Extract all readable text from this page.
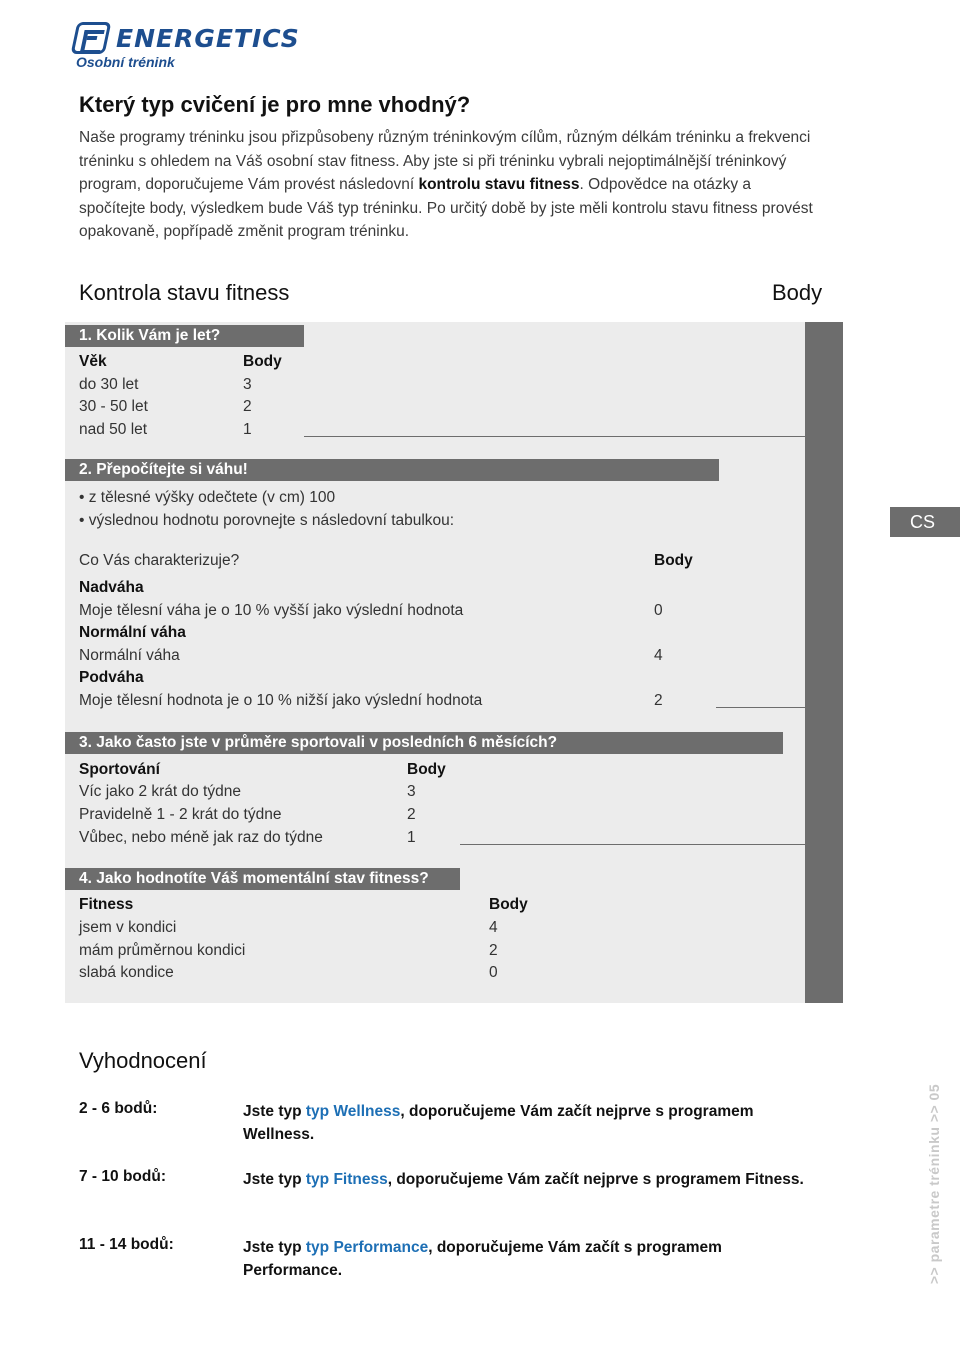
ENERGETICS
Osobní trénink
Který typ cvičení je pro mne vhodný?

Naše programy tréninku jsou přizpůsobeny různým tréninkovým cílům, různým délkám tréninku a frekvenci tréninku s ohledem na Váš osobní stav fitness. Aby jste si při tréninku vybrali nejoptimálnější tréninkový program, doporučujeme Vám provést následovní kontrolu stavu fitness. Odpovědce na otázky a spočítejte body, výsledkem bude Váš typ tréninku. Po určitý době by jste měli kontrolu stavu fitness provést opakovaně, popřípadě změnit program tréninku.

Kontrola stavu fitness	Body
1. Kolik Vám je let?
Věk	Body
do 30 let	3
30 - 50 let	2
nad 50 let	1
2. Přepočítejte si váhu!
• z tělesné výšky odečtete (v cm) 100
• výslednou hodnotu porovnejte s následovní tabulkou:
Co Vás charakterizuje?	Body
Nadváha
Moje tělesní váha je o 10 % vyšší jako výslední hodnota	0
Normální váha
Normální váha	4
Podváha
Moje tělesní hodnota je o 10 % nižší jako výslední hodnota	2
3. Jako často jste v průměre sportovali v posledních 6 měsících?
Sportování	Body
Víc jako 2 krát do týdne	3
Pravidelně 1 - 2 krát do týdne	2
Vůbec, nebo méně jak raz do týdne	1
4. Jako hodnotíte Váš momentální stav fitness?
Fitness	Body
jsem v kondici	4
mám průměrnou kondici	2
slabá kondice	0
CS
Vyhodnocení
2 - 6 bodů:	Jste typ typ Wellness, doporučujeme Vám začít nejprve s programem Wellness.
7 - 10 bodů:	Jste typ typ Fitness, doporučujeme Vám začít nejprve s programem Fitness.
11 - 14 bodů:	Jste typ typ Performance, doporučujeme Vám začít s programem Performance.	>> parametre tréninku >> 05
